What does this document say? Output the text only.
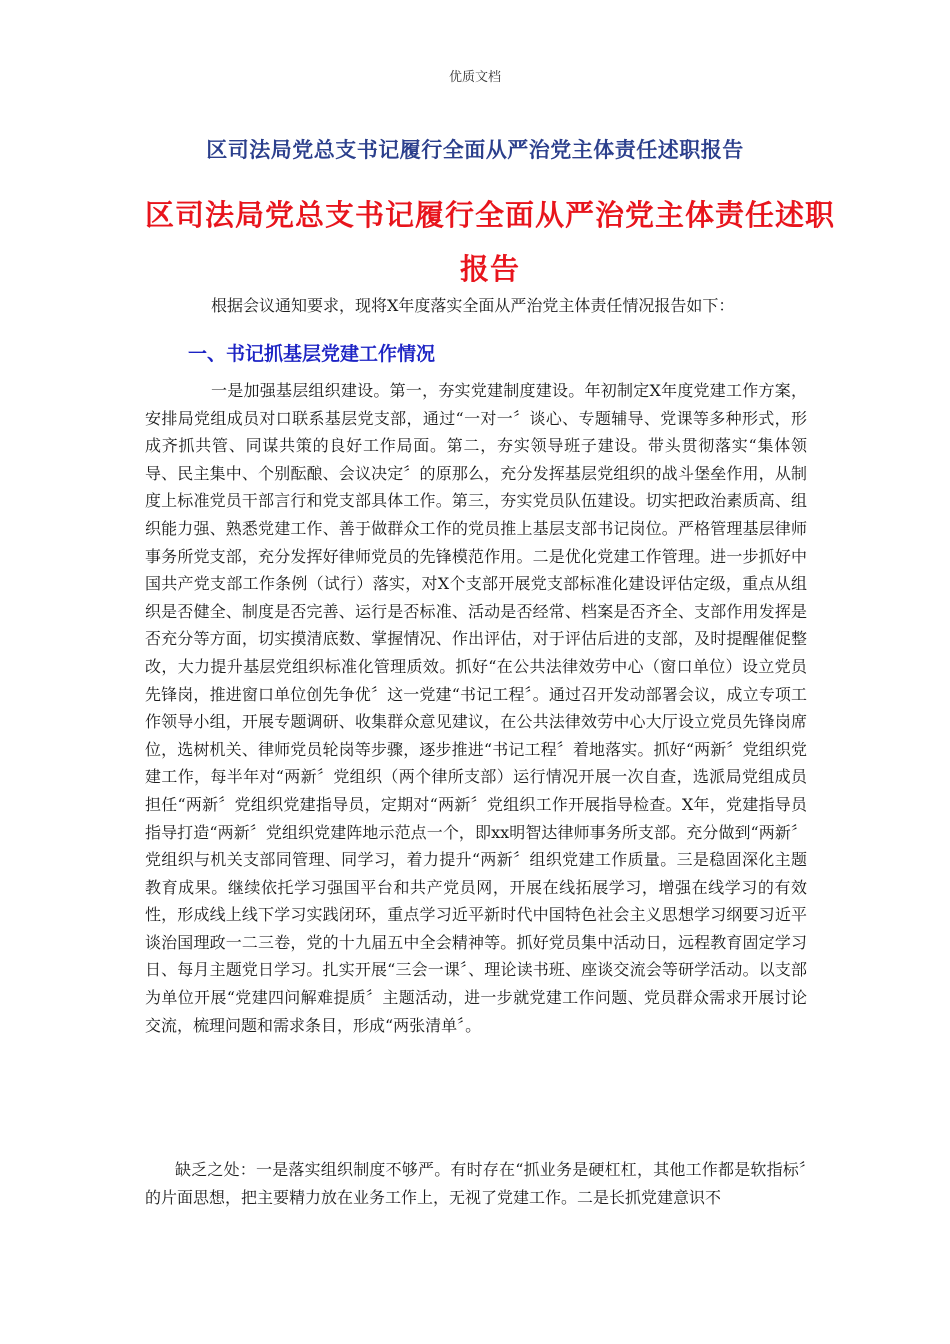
优质文档
区司法局党总支书记履行全面从严治党主体责任述职报告
区司法局党总支书记履行全面从严治党主体责任述职报告
根据会议通知要求，现将X年度落实全面从严治党主体责任情况报告如下：
一、书记抓基层党建工作情况

一是加强基层组织建设。第一，夯实党建制度建设。年初制定X年度党建工作方案，安排局党组成员对口联系基层党支部，通过“一对一〞谈心、专题辅导、党课等多种形式，形成齐抓共管、同谋共策的良好工作局面。第二，夯实领导班子建设。带头贯彻落实“集体领导、民主集中、个别酝酿、会议决定〞的原那么，充分发挥基层党组织的战斗堡垒作用，从制度上标准党员干部言行和党支部具体工作。第三，夯实党员队伍建设。切实把政治素质高、组织能力强、熟悉党建工作、善于做群众工作的党员推上基层支部书记岗位。严格管理基层律师事务所党支部，充分发挥好律师党员的先锋模范作用。二是优化党建工作管理。进一步抓好中国共产党支部工作条例（试行）落实，对X个支部开展党支部标准化建设评估定级，重点从组织是否健全、制度是否完善、运行是否标准、活动是否经常、档案是否齐全、支部作用发挥是否充分等方面，切实摸清底数、掌握情况、作出评估，对于评估后进的支部，及时提醒催促整改，大力提升基层党组织标准化管理质效。抓好“在公共法律效劳中心（窗口单位）设立党员先锋岗，推进窗口单位创先争优〞这一党建“书记工程〞。通过召开发动部署会议，成立专项工作领导小组，开展专题调研、收集群众意见建议，在公共法律效劳中心大厅设立党员先锋岗席位，选树机关、律师党员轮岗等步骤，逐步推进“书记工程〞着地落实。抓好“两新〞党组织党建工作，每半年对“两新〞党组织（两个律所支部）运行情况开展一次自查，选派局党组成员担任“两新〞党组织党建指导员，定期对“两新〞党组织工作开展指导检查。X年，党建指导员指导打造“两新〞党组织党建阵地示范点一个，即xx明智达律师事务所支部。充分做到“两新〞党组织与机关支部同管理、同学习，着力提升“两新〞组织党建工作质量。三是稳固深化主题教育成果。继续依托学习强国平台和共产党员网，开展在线拓展学习，增强在线学习的有效性，形成线上线下学习实践闭环，重点学习近平新时代中国特色社会主义思想学习纲要习近平谈治国理政一二三卷，党的十九届五中全会精神等。抓好党员集中活动日，远程教育固定学习日、每月主题党日学习。扎实开展“三会一课〞、理论读书班、座谈交流会等研学活动。以支部为单位开展“党建四问解难提质〞主题活动，进一步就党建工作问题、党员群众需求开展讨论交流，梳理问题和需求条目，形成“两张清单〞。

缺乏之处：一是落实组织制度不够严。有时存在“抓业务是硬杠杠，其他工作都是软指标〞的片面思想，把主要精力放在业务工作上，无视了党建工作。二是长抓党建意识不
